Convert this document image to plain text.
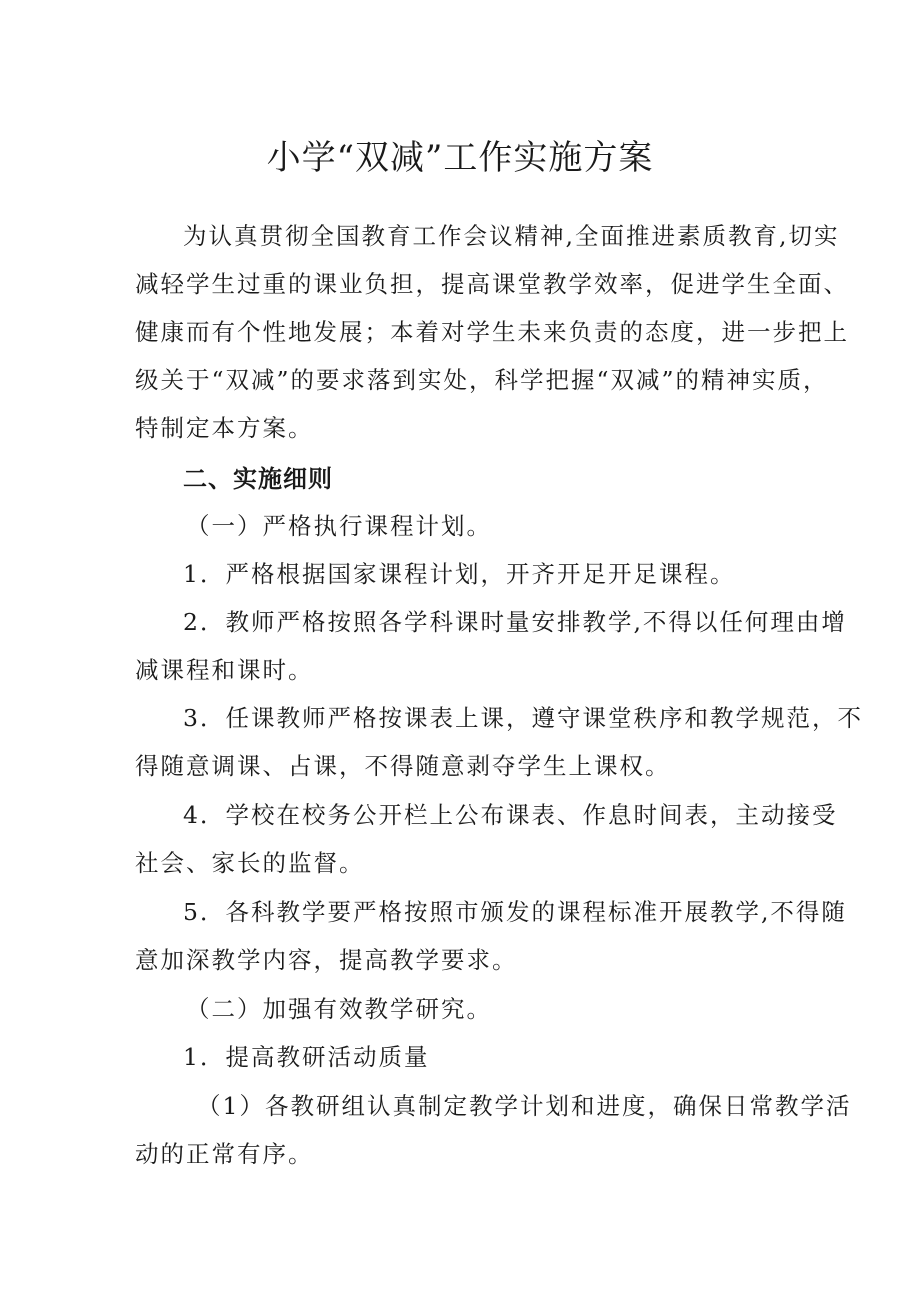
小学“双减”工作实施方案
为认真贯彻全国教育工作会议精神,全面推进素质教育,切实
减轻学生过重的课业负担，提高课堂教学效率，促进学生全面、
健康而有个性地发展；本着对学生未来负责的态度，进一步把上
级关于“双减”的要求落到实处，科学把握“双减”的精神实质，
特制定本方案。
二、实施细则
（一）严格执行课程计划。
1．严格根据国家课程计划，开齐开足开足课程。
2．教师严格按照各学科课时量安排教学,不得以任何理由增
减课程和课时。
3．任课教师严格按课表上课，遵守课堂秩序和教学规范，不
得随意调课、占课，不得随意剥夺学生上课权。
4．学校在校务公开栏上公布课表、作息时间表，主动接受
社会、家长的监督。
5．各科教学要严格按照市颁发的课程标准开展教学,不得随
意加深教学内容，提高教学要求。
（二）加强有效教学研究。
1．提高教研活动质量
（1）各教研组认真制定教学计划和进度，确保日常教学活
动的正常有序。
